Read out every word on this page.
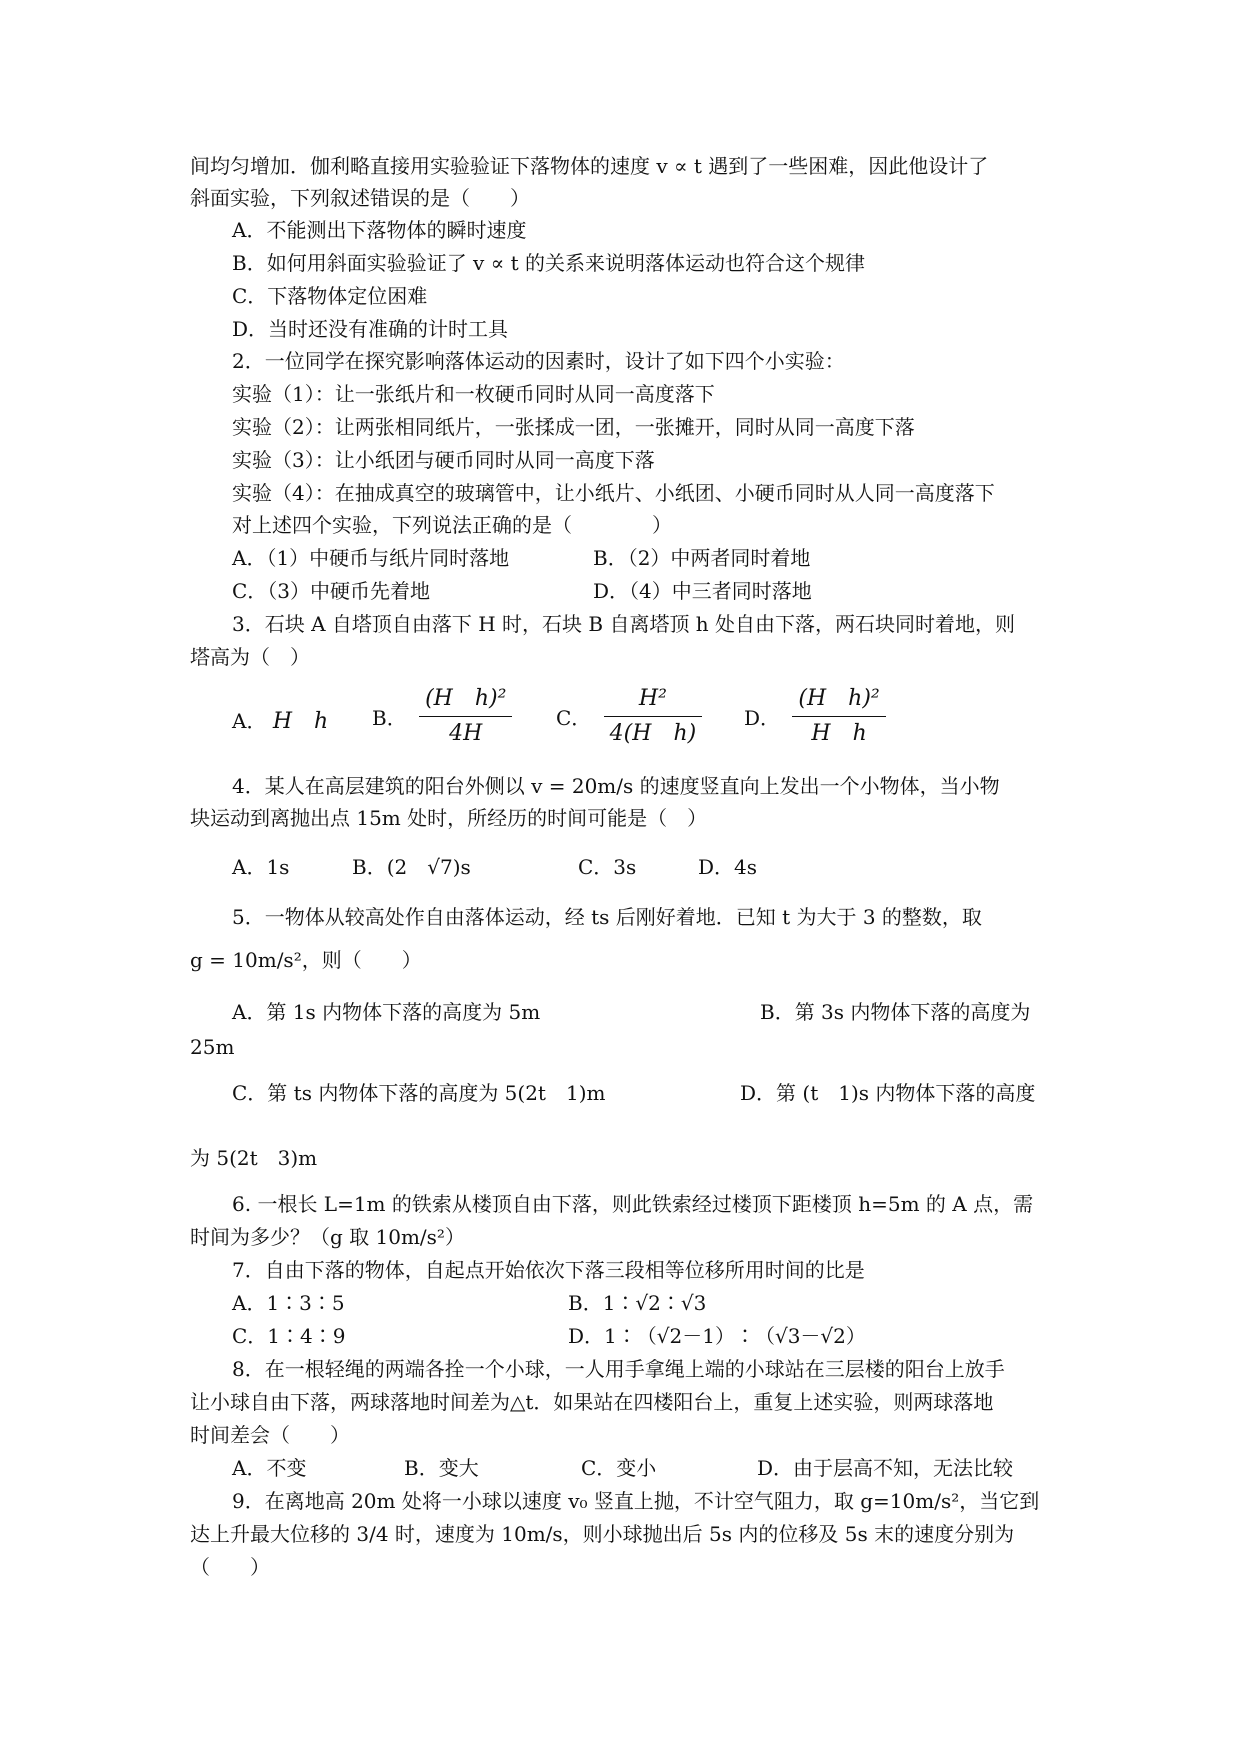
间均匀增加．伽利略直接用实验验证下落物体的速度 v ∝ t 遇到了一些困难，因此他设计了
斜面实验，下列叙述错误的是（　　）
A．不能测出下落物体的瞬时速度
B．如何用斜面实验验证了 v ∝ t 的关系来说明落体运动也符合这个规律
C．下落物体定位困难
D．当时还没有准确的计时工具
2．一位同学在探究影响落体运动的因素时，设计了如下四个小实验：
实验（1）：让一张纸片和一枚硬币同时从同一高度落下
实验（2）：让两张相同纸片，一张揉成一团，一张摊开，同时从同一高度下落
实验（3）：让小纸团与硬币同时从同一高度下落
实验（4）：在抽成真空的玻璃管中，让小纸片、小纸团、小硬币同时从人同一高度落下
对上述四个实验，下列说法正确的是（　　　　）
A．（1）中硬币与纸片同时落地	B．（2）中两者同时着地
C．（3）中硬币先着地	D．（4）中三者同时落地
3．石块 A 自塔顶自由落下 H 时，石块 B 自离塔顶 h 处自由下落，两石块同时着地，则
塔高为（　）
A． H　h B． $\frac{\text{(H　h)²}}{4H}$ C． $\frac{\text{H²}}{\text{4(H　h)}}$ D． $\frac{\text{(H　h)²}}{\text{H　h}}$
4．某人在高层建筑的阳台外侧以 v = 20m/s 的速度竖直向上发出一个小物体，当小物
块运动到离抛出点 15m 处时，所经历的时间可能是（　）
A．1s	B．(2　√7)s	C．3s	D．4s
5．一物体从较高处作自由落体运动，经 ts 后刚好着地．已知 t 为大于 3 的整数，取
g = 10m/s²，则（　　）
A．第 1s 内物体下落的高度为 5m	B．第 3s 内物体下落的高度为
25m
C．第 ts 内物体下落的高度为 5(2t　1)m	D．第 (t　1)s 内物体下落的高度
为 5(2t　3)m
6. 一根长 L=1m 的铁索从楼顶自由下落，则此铁索经过楼顶下距楼顶 h=5m 的 A 点，需
时间为多少？（g 取 10m/s²）
7．自由下落的物体，自起点开始依次下落三段相等位移所用时间的比是
A．1∶3∶5	B．1∶√2∶√3
C．1∶4∶9	D．1∶（√2－1）∶（√3－√2）
8．在一根轻绳的两端各拴一个小球，一人用手拿绳上端的小球站在三层楼的阳台上放手
让小球自由下落，两球落地时间差为△t．如果站在四楼阳台上，重复上述实验，则两球落地
时间差会（　　）
A．不变	B．变大	C．变小	D．由于层高不知，无法比较
9．在离地高 20m 处将一小球以速度 v₀ 竖直上抛，不计空气阻力，取 g=10m/s²，当它到
达上升最大位移的 3/4 时，速度为 10m/s，则小球抛出后 5s 内的位移及 5s 末的速度分别为
（　　）
